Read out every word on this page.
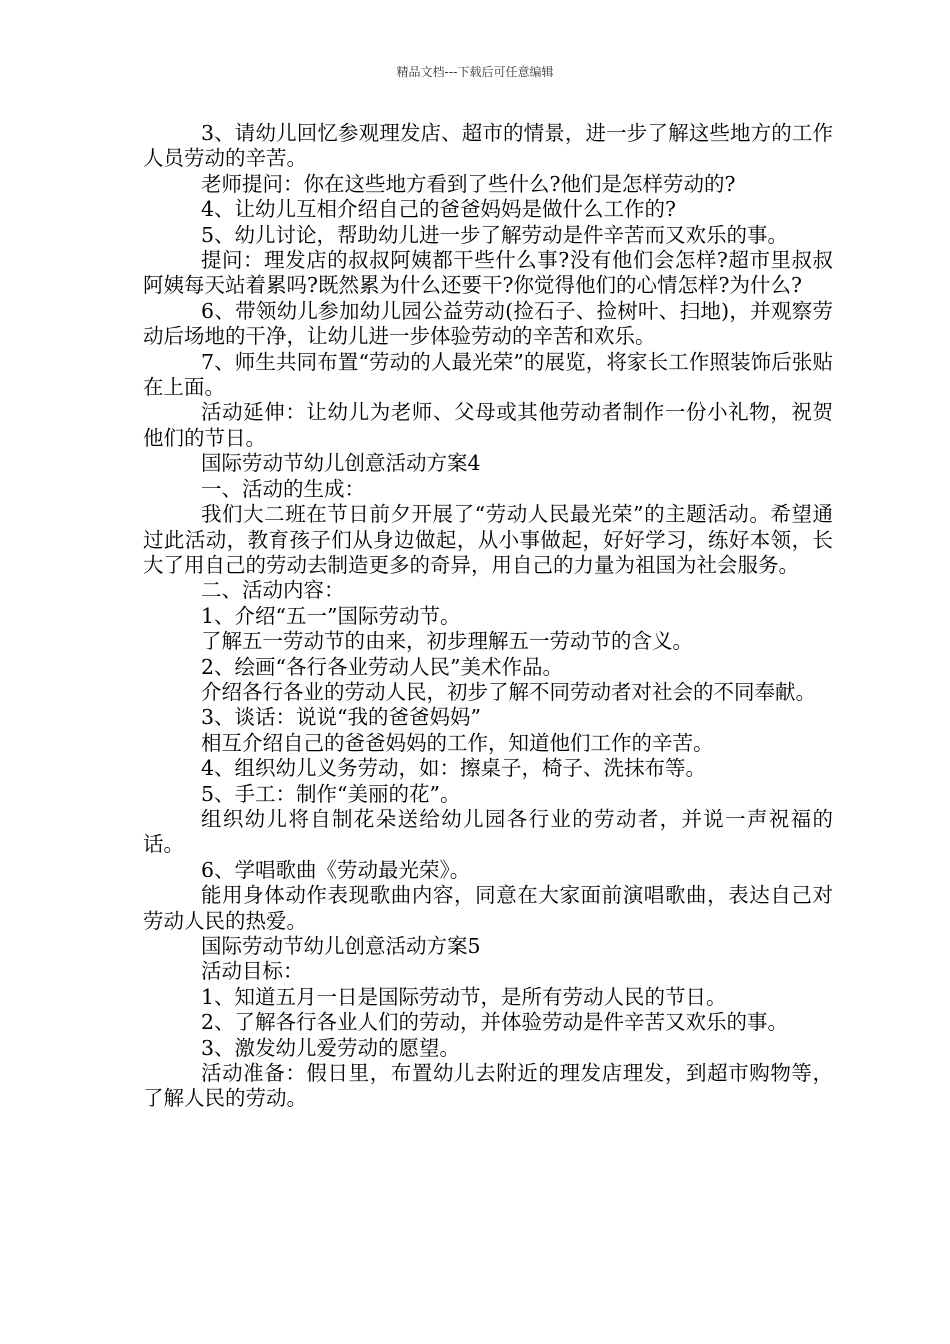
精品文档---下载后可任意编辑

3、请幼儿回忆参观理发店、超市的情景，进一步了解这些地方的工作人员劳动的辛苦。

老师提问：你在这些地方看到了些什么?他们是怎样劳动的?

4、让幼儿互相介绍自己的爸爸妈妈是做什么工作的?

5、幼儿讨论，帮助幼儿进一步了解劳动是件辛苦而又欢乐的事。

提问：理发店的叔叔阿姨都干些什么事?没有他们会怎样?超市里叔叔阿姨每天站着累吗?既然累为什么还要干?你觉得他们的心情怎样?为什么?

6、带领幼儿参加幼儿园公益劳动(捡石子、捡树叶、扫地)，并观察劳动后场地的干净，让幼儿进一步体验劳动的辛苦和欢乐。

7、师生共同布置“劳动的人最光荣”的展览，将家长工作照装饰后张贴在上面。

活动延伸：让幼儿为老师、父母或其他劳动者制作一份小礼物，祝贺他们的节日。

国际劳动节幼儿创意活动方案4

一、活动的生成：

我们大二班在节日前夕开展了“劳动人民最光荣”的主题活动。希望通过此活动，教育孩子们从身边做起，从小事做起，好好学习，练好本领，长大了用自己的劳动去制造更多的奇异，用自己的力量为祖国为社会服务。

二、活动内容：

1、介绍“五一”国际劳动节。

了解五一劳动节的由来，初步理解五一劳动节的含义。

2、绘画“各行各业劳动人民”美术作品。

介绍各行各业的劳动人民，初步了解不同劳动者对社会的不同奉献。

3、谈话：说说“我的爸爸妈妈”

相互介绍自己的爸爸妈妈的工作，知道他们工作的辛苦。

4、组织幼儿义务劳动，如：擦桌子，椅子、洗抹布等。

5、手工：制作“美丽的花”。

组织幼儿将自制花朵送给幼儿园各行业的劳动者，并说一声祝福的话。

6、学唱歌曲《劳动最光荣》。

能用身体动作表现歌曲内容，同意在大家面前演唱歌曲，表达自己对劳动人民的热爱。

国际劳动节幼儿创意活动方案5

活动目标：

1、知道五月一日是国际劳动节，是所有劳动人民的节日。

2、了解各行各业人们的劳动，并体验劳动是件辛苦又欢乐的事。

3、激发幼儿爱劳动的愿望。

活动准备：假日里，布置幼儿去附近的理发店理发，到超市购物等，了解人民的劳动。
